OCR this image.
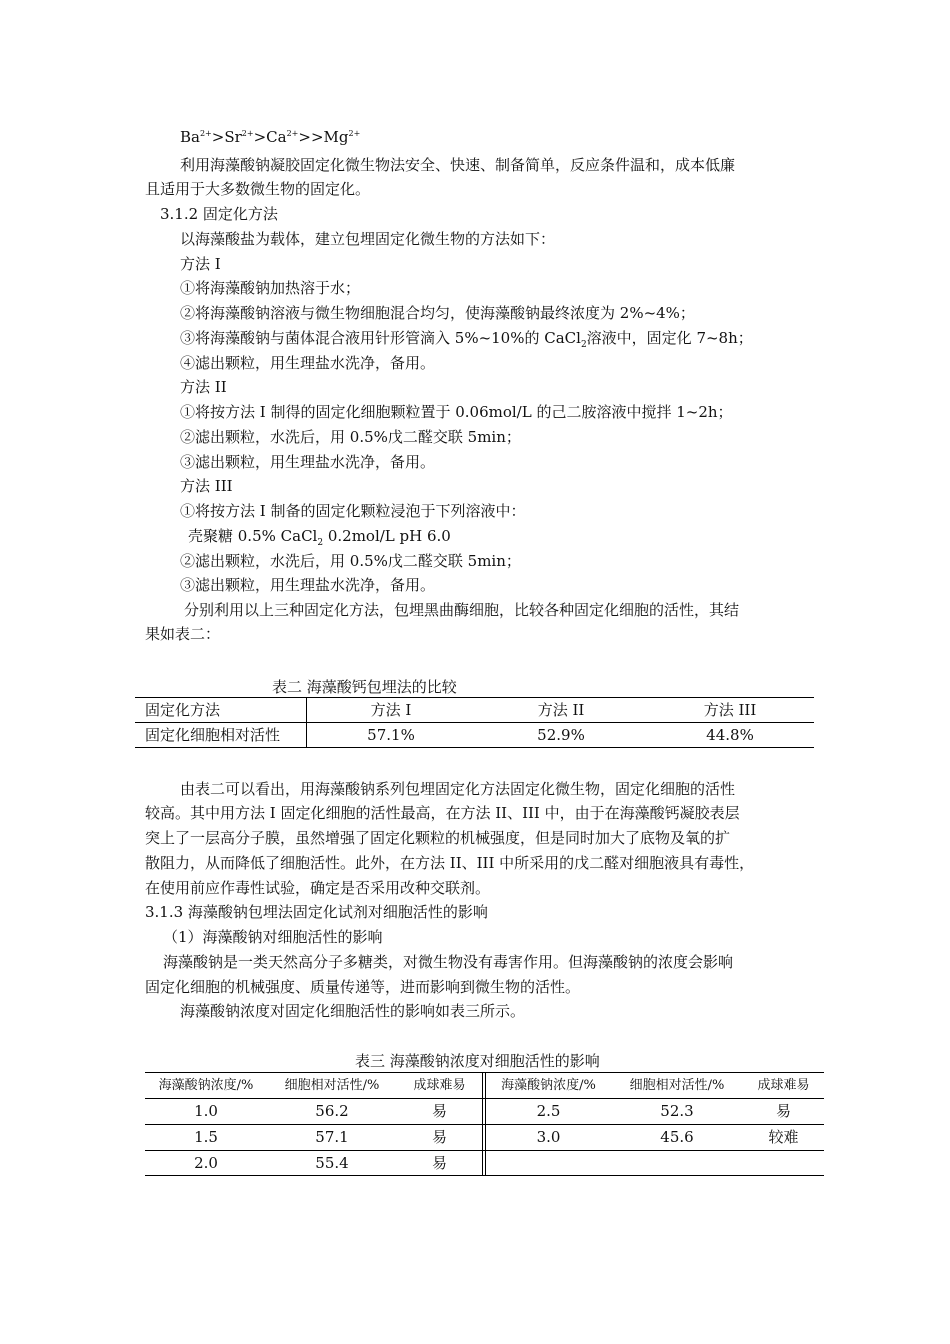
$Ba^{2+}>Sr^{2+}>Ca^{2+}>>Mg^{2+}$
利用海藻酸钠凝胶固定化微生物法安全、快速、制备简单，反应条件温和，成本低廉
且适用于大多数微生物的固定化。
3.1.2 固定化方法
以海藻酸盐为载体，建立包埋固定化微生物的方法如下：
方法 I
①将海藻酸钠加热溶于水；
②将海藻酸钠溶液与微生物细胞混合均匀，使海藻酸钠最终浓度为 2%~4%；
③将海藻酸钠与菌体混合液用针形管滴入 5%~10%的 CaCl$_2$溶液中，固定化 7~8h；
④滤出颗粒，用生理盐水洗净，备用。
方法 II
①将按方法 I 制得的固定化细胞颗粒置于 0.06mol/L 的己二胺溶液中搅拌 1~2h；
②滤出颗粒，水洗后，用 0.5%戊二醛交联 5min；
③滤出颗粒，用生理盐水洗净，备用。
方法 III
①将按方法 I 制备的固定化颗粒浸泡于下列溶液中：
壳聚糖 0.5% CaCl$_2$ 0.2mol/L pH 6.0
②滤出颗粒，水洗后，用 0.5%戊二醛交联 5min；
③滤出颗粒，用生理盐水洗净，备用。
分别利用以上三种固定化方法，包埋黑曲酶细胞，比较各种固定化细胞的活性，其结
果如表二：
表二 海藻酸钙包埋法的比较
固定化方法	方法 I	方法 II	方法 III
固定化细胞相对活性	57.1%	52.9%	44.8%
由表二可以看出，用海藻酸钠系列包埋固定化方法固定化微生物，固定化细胞的活性
较高。其中用方法 I 固定化细胞的活性最高，在方法 II、III 中，由于在海藻酸钙凝胶表层
突上了一层高分子膜，虽然增强了固定化颗粒的机械强度，但是同时加大了底物及氧的扩
散阻力，从而降低了细胞活性。此外，在方法 II、III 中所采用的戊二醛对细胞液具有毒性，
在使用前应作毒性试验，确定是否采用改种交联剂。
3.1.3 海藻酸钠包埋法固定化试剂对细胞活性的影响
（1）海藻酸钠对细胞活性的影响
海藻酸钠是一类天然高分子多糖类，对微生物没有毒害作用。但海藻酸钠的浓度会影响
固定化细胞的机械强度、质量传递等，进而影响到微生物的活性。
海藻酸钠浓度对固定化细胞活性的影响如表三所示。
表三 海藻酸钠浓度对细胞活性的影响
海藻酸钠浓度/%	细胞相对活性/%	成球难易	海藻酸钠浓度/%	细胞相对活性/%	成球难易
1.0	56.2	易	2.5	52.3	易
1.5	57.1	易	3.0	45.6	较难
2.0	55.4	易
